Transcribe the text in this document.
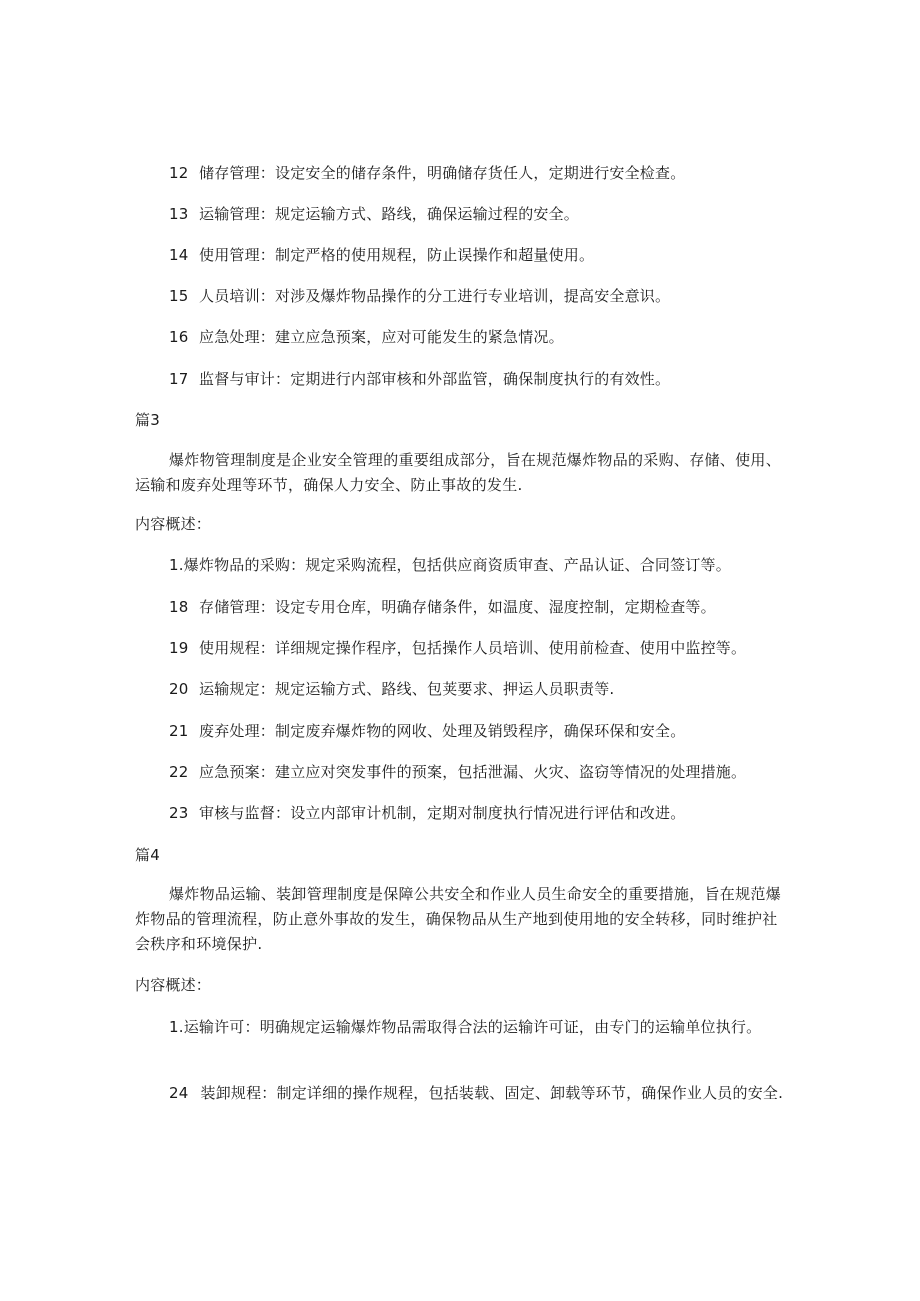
12 储存管理：设定安全的储存条件，明确储存货任人，定期进行安全检查。
13 运输管理：规定运输方式、路线，确保运输过程的安全。
14 使用管理：制定严格的使用规程，防止误操作和超量使用。
15 人员培训：对涉及爆炸物品操作的分工进行专业培训，提高安全意识。
16 应急处理：建立应急预案，应对可能发生的紧急情况。
17 监督与审计：定期进行内部审核和外部监管，确保制度执行的有效性。
篇3
爆炸物管理制度是企业安全管理的重要组成部分，旨在规范爆炸物品的采购、存储、使用、运输和废弃处理等环节，确保人力安全、防止事故的发生.
内容概述：
1.爆炸物品的采购：规定采购流程，包括供应商资质审查、产品认证、合同签订等。
18 存储管理：设定专用仓库，明确存储条件，如温度、湿度控制，定期检查等。
19 使用规程：详细规定操作程序，包括操作人员培训、使用前检查、使用中监控等。
20 运输规定：规定运输方式、路线、包荚要求、押运人员职责等.
21 废弃处理：制定废弃爆炸物的网收、处理及销毁程序，确保环保和安全。
22 应急预案：建立应对突发事件的预案，包括泄漏、火灾、盗窃等情况的处理措施。
23 审核与监督：设立内部审计机制，定期对制度执行情况进行评估和改进。
篇4
爆炸物品运输、装卸管理制度是保障公共安全和作业人员生命安全的重要措施，旨在规范爆炸物品的管理流程，防止意外事故的发生，确保物品从生产地到使用地的安全转移，同时维护社会秩序和环境保护.
内容概述：
1.运输许可：明确规定运输爆炸物品需取得合法的运输许可证，由专门的运输单位执行。
24 装卸规程：制定详细的操作规程，包括装载、固定、卸载等环节，确保作业人员的安全.
